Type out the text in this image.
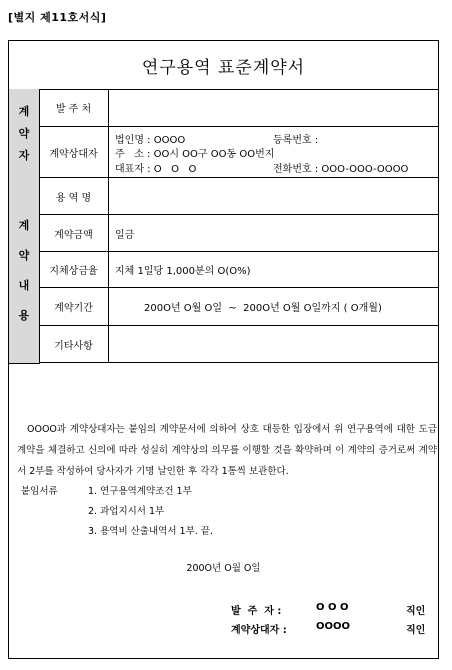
[별지 제11호서식]
연구용역 표준계약서
계
약
자
발 주 처
계약상대자
법인명 : OOOO	등록번호 :
주   소 : OO시 OO구 OO동 OO번지
대표자 : O   O   O	전화번호 : OOO-OOO-OOOO
계
약
내
용
용 역 명
계약금액	일금
지체상금율	지체 1일당 1,000분의 O(O%)
계약기간	200O년 O월 O일  ~  200O년 O월 O일까지 ( O개월)
기타사항
OOOO과 계약상대자는 붙임의 계약문서에 의하여 상호 대등한 입장에서 위 연구용역에 대한 도급계약을 체결하고 신의에 따라 성실히 계약상의 의무를 이행할 것을 확약하며 이 계약의 증거로써 계약서 2부를 작성하여 당사자가 기명 날인한 후 각각 1통씩 보관한다.
붙임서류	1. 연구용역계약조건 1부
2. 과업지시서 1부
3. 용역비 산출내역서 1부. 끝.
200O년 O월 O일
발  주  자 :	O O O	직인
계약상대자 :	OOOO	직인
